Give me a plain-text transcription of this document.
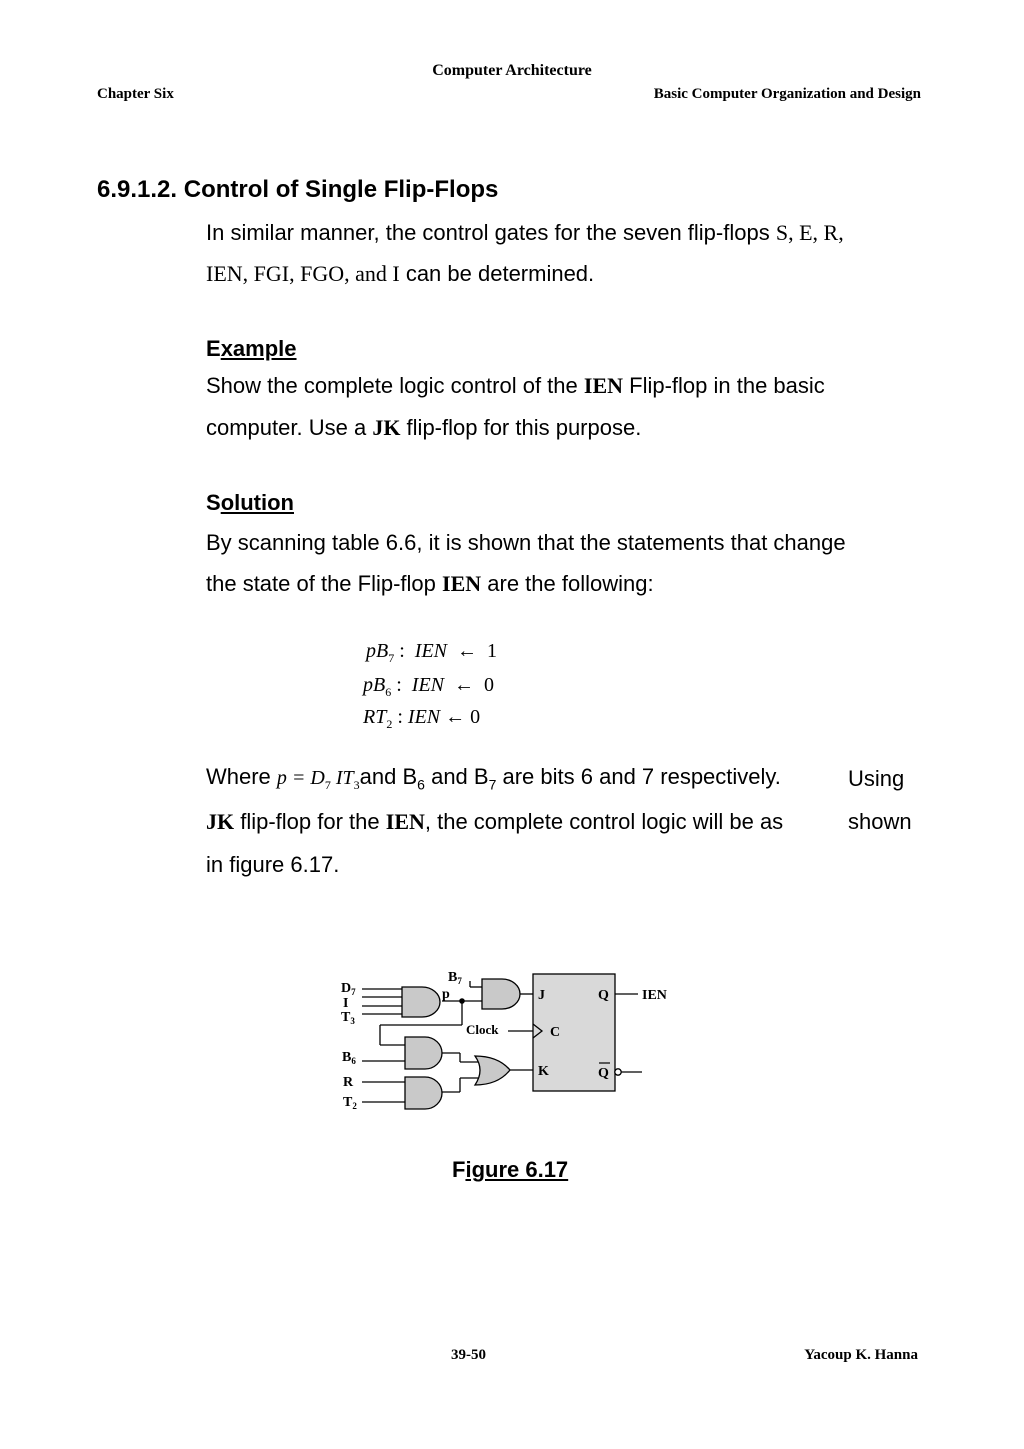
Computer Architecture
Chapter Six	Basic Computer Organization and Design
6.9.1.2. Control of Single Flip-Flops
In similar manner, the control gates for the seven flip-flops S, E, R,
IEN, FGI, FGO, and I can be determined.
Example
Show the complete logic control of the IEN Flip-flop in the basic
computer. Use a JK flip-flop for this purpose.
Solution
By scanning table 6.6, it is shown that the statements that change
the state of the Flip-flop IEN are the following:
$pB_7$ :  IEN  ←  1
$pB_6$ :  IEN  ←  0
$RT_2$ : IEN ← 0
Where $p = D_7$ $IT_3and$ $B_6$ and $B_7$ are bits 6 and 7 respectively.	Using
JK flip-flop for the IEN, the complete control logic will be as	shown
in figure 6.17.
$D_7$
I
$T_3$
$B_6$
R
$T_2$
$B_7$
p
Clock
J
C
K
Q
Q
IEN
Figure 6.17
39-50	Yacoup K. Hanna
